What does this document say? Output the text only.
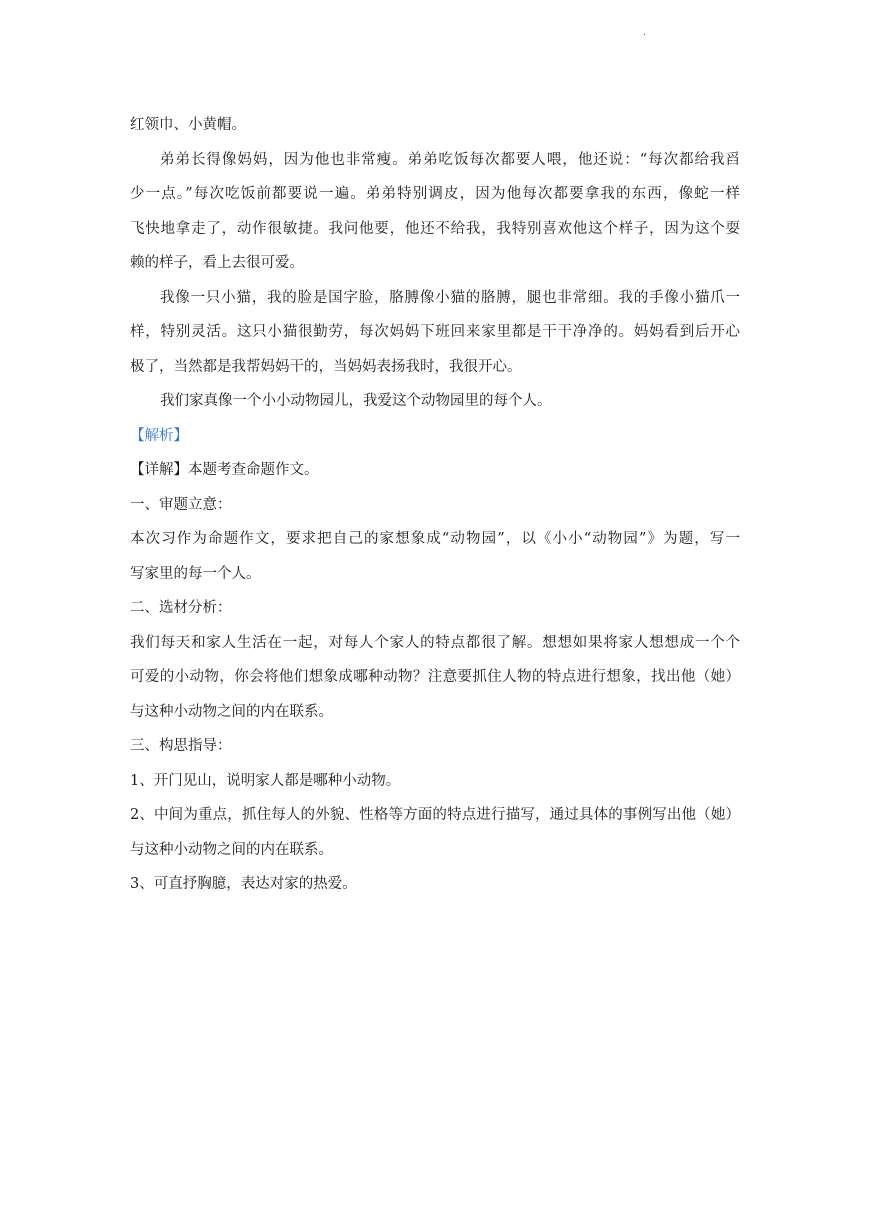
·
红领巾、小黄帽。
弟弟长得像妈妈，因为他也非常瘦。弟弟吃饭每次都要人喂，他还说：“每次都给我舀
少一点。”每次吃饭前都要说一遍。弟弟特别调皮，因为他每次都要拿我的东西，像蛇一样
飞快地拿走了，动作很敏捷。我问他要，他还不给我，我特别喜欢他这个样子，因为这个耍
赖的样子，看上去很可爱。
我像一只小猫，我的脸是国字脸，胳膊像小猫的胳膊，腿也非常细。我的手像小猫爪一
样，特别灵活。这只小猫很勤劳，每次妈妈下班回来家里都是干干净净的。妈妈看到后开心
极了，当然都是我帮妈妈干的，当妈妈表扬我时，我很开心。
我们家真像一个小小动物园儿，我爱这个动物园里的每个人。
【解析】
【详解】本题考查命题作文。
一、审题立意：
本次习作为命题作文，要求把自己的家想象成“动物园”，以《小小“动物园”》为题，写一
写家里的每一个人。
二、选材分析：
我们每天和家人生活在一起，对每人个家人的特点都很了解。想想如果将家人想想成一个个
可爱的小动物，你会将他们想象成哪种动物？注意要抓住人物的特点进行想象，找出他（她）
与这种小动物之间的内在联系。
三、构思指导：
1、开门见山，说明家人都是哪种小动物。
2、中间为重点，抓住每人的外貌、性格等方面的特点进行描写，通过具体的事例写出他（她）
与这种小动物之间的内在联系。
3、可直抒胸臆，表达对家的热爱。
